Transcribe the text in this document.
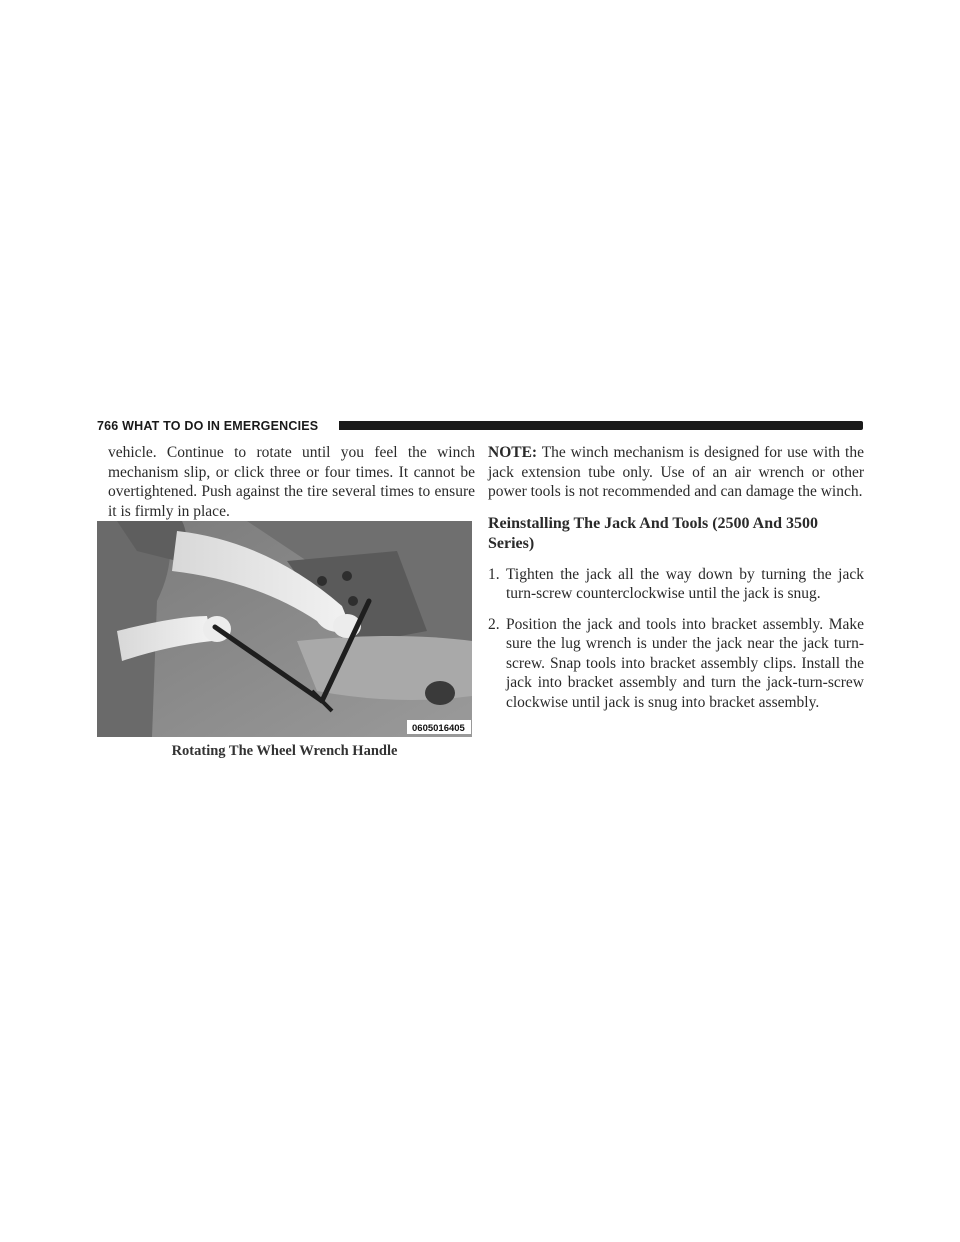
766 WHAT TO DO IN EMERGENCIES
vehicle. Continue to rotate until you feel the winch mechanism slip, or click three or four times. It cannot be overtightened. Push against the tire several times to ensure it is firmly in place.
0605016405
Rotating The Wheel Wrench Handle
NOTE: The winch mechanism is designed for use with the jack extension tube only. Use of an air wrench or other power tools is not recommended and can damage the winch.
Reinstalling The Jack And Tools (2500 And 3500 Series)
1. Tighten the jack all the way down by turning the jack turn-screw counterclockwise until the jack is snug.
2. Position the jack and tools into bracket assembly. Make sure the lug wrench is under the jack near the jack turn-screw. Snap tools into bracket assembly clips. Install the jack into bracket assembly and turn the jack-turn-screw clockwise until jack is snug into bracket assembly.
